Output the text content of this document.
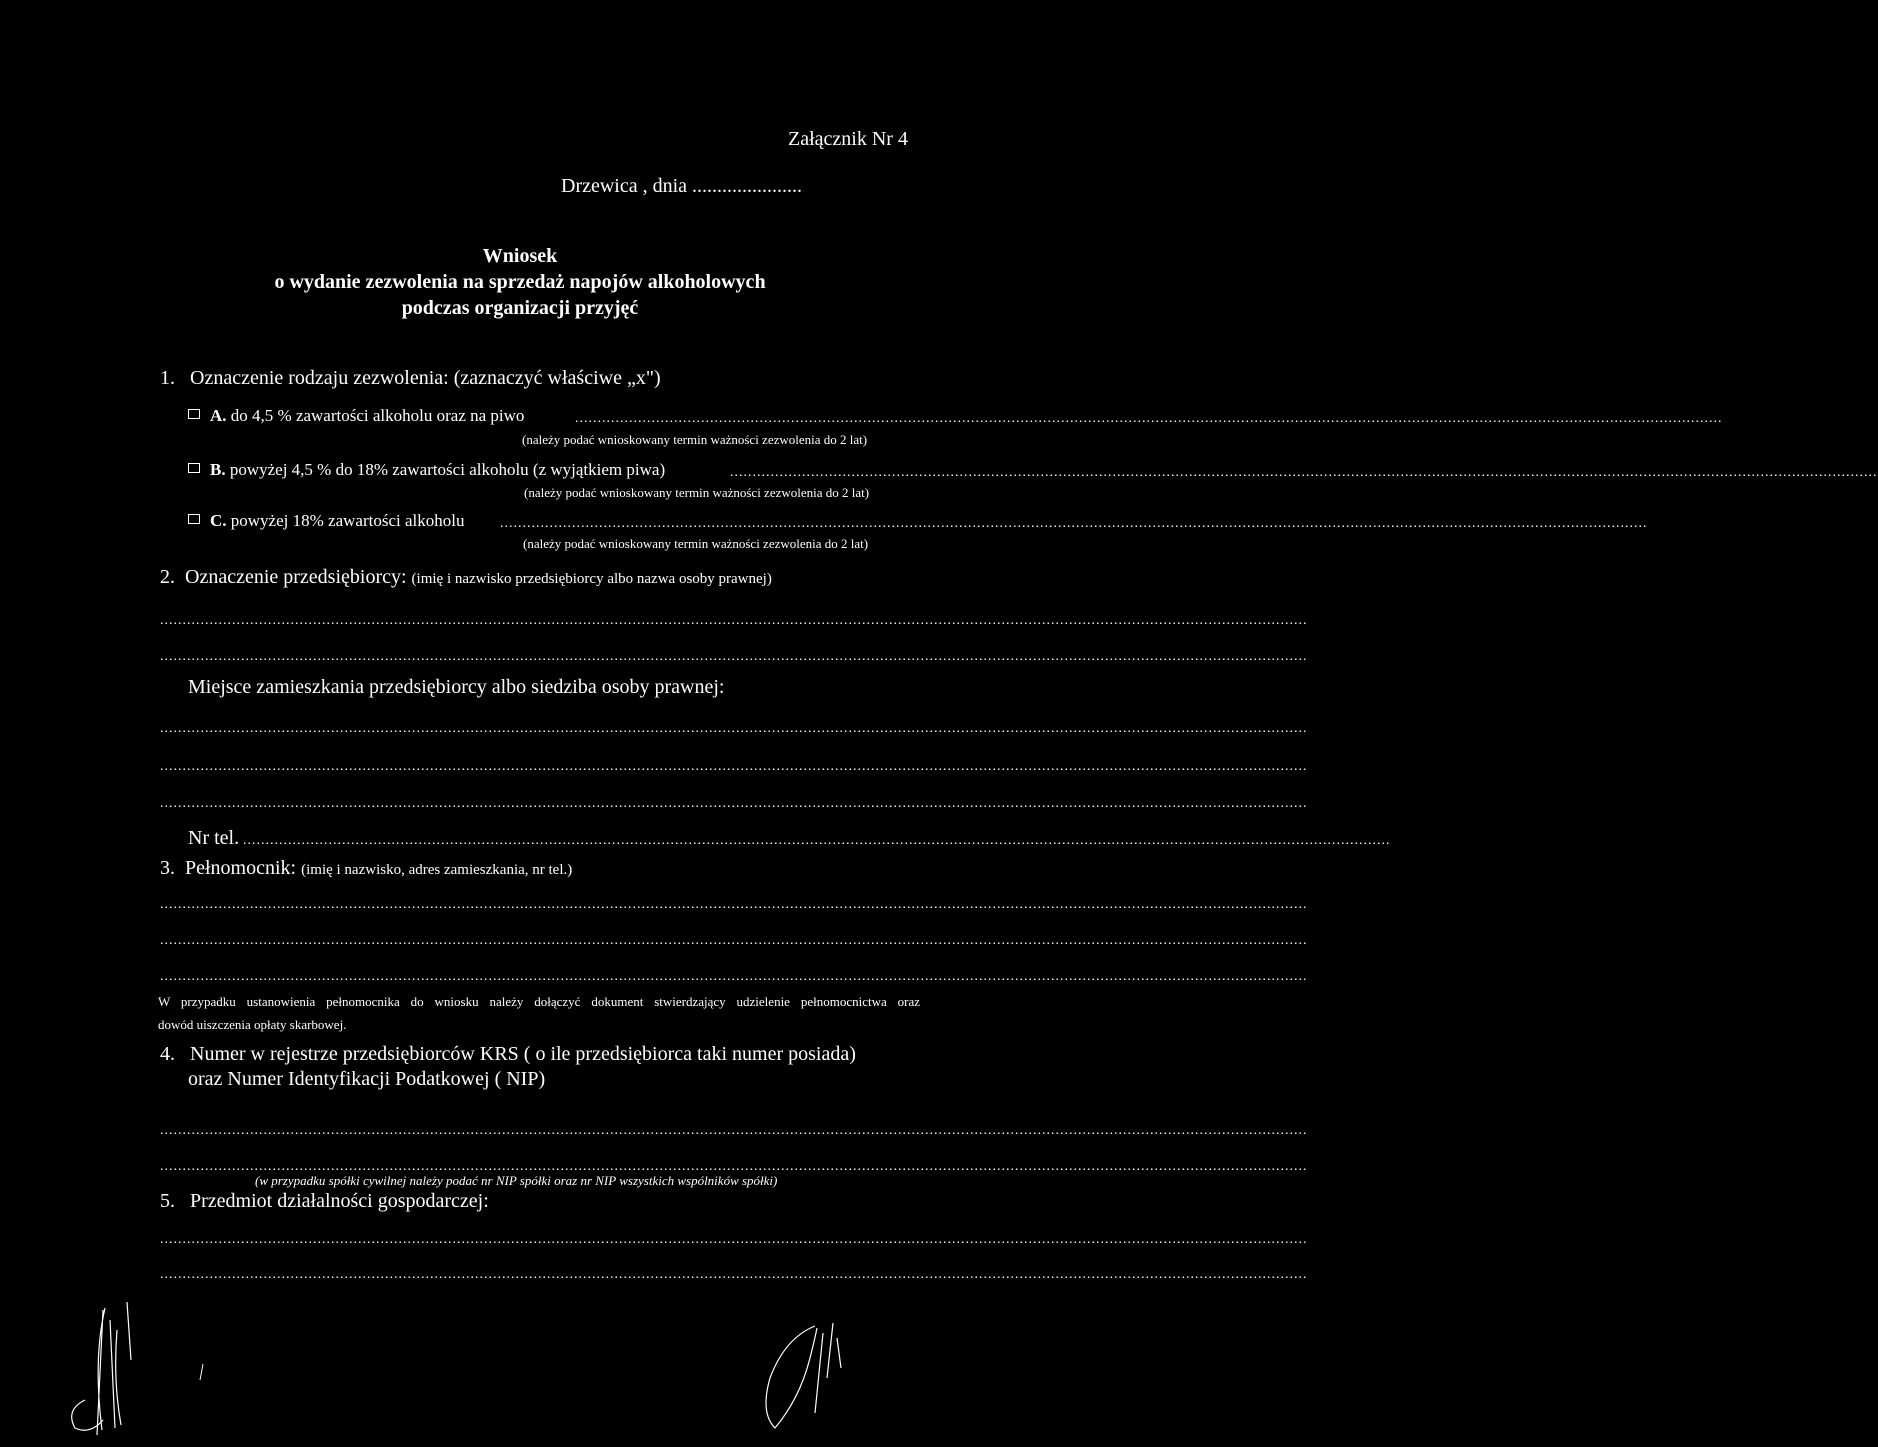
Załącznik Nr 4
Drzewica , dnia ......................
Wniosek
o wydanie zezwolenia na sprzedaż napojów alkoholowych
podczas organizacji przyjęć
1. Oznaczenie rodzaju zezwolenia: (zaznaczyć właściwe „x")
A. do 4,5 % zawartości alkoholu oraz na piwo	...............................................................................................................................................................................................................................................................
(należy podać wnioskowany termin ważności zezwolenia do 2 lat)
B. powyżej 4,5 % do 18% zawartości alkoholu (z wyjątkiem piwa)	...............................................................................................................................................................................................................................................................
(należy podać wnioskowany termin ważności zezwolenia do 2 lat)
C. powyżej 18% zawartości alkoholu	...............................................................................................................................................................................................................................................................
(należy podać wnioskowany termin ważności zezwolenia do 2 lat)
2. Oznaczenie przedsiębiorcy: (imię i nazwisko przedsiębiorcy albo nazwa osoby prawnej)
...............................................................................................................................................................................................................................................................
...............................................................................................................................................................................................................................................................
Miejsce zamieszkania przedsiębiorcy albo siedziba osoby prawnej:
...............................................................................................................................................................................................................................................................
...............................................................................................................................................................................................................................................................
...............................................................................................................................................................................................................................................................
Nr tel. ...............................................................................................................................................................................................................................................................
3. Pełnomocnik: (imię i nazwisko, adres zamieszkania, nr tel.)
...............................................................................................................................................................................................................................................................
...............................................................................................................................................................................................................................................................
...............................................................................................................................................................................................................................................................
W przypadku ustanowienia pełnomocnika do wniosku należy dołączyć dokument stwierdzający udzielenie pełnomocnictwa oraz
dowód uiszczenia opłaty skarbowej.
4. Numer w rejestrze przedsiębiorców KRS ( o ile przedsiębiorca taki numer posiada)
oraz Numer Identyfikacji Podatkowej ( NIP)
...............................................................................................................................................................................................................................................................
...............................................................................................................................................................................................................................................................
(w przypadku spółki cywilnej należy podać nr NIP spółki oraz nr NIP wszystkich wspólników spółki)
5. Przedmiot działalności gospodarczej:
...............................................................................................................................................................................................................................................................
...............................................................................................................................................................................................................................................................
